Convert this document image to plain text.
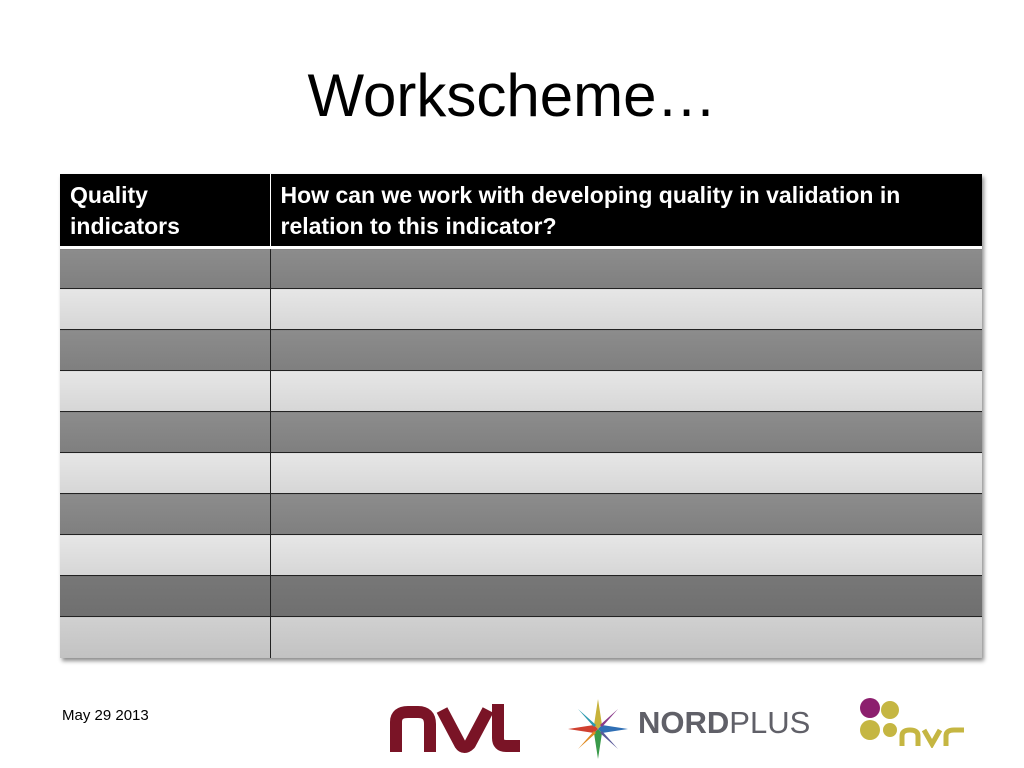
Workscheme…
Quality indicators	How can we work with developing quality in validation in relation to this indicator?

May 29 2013	NORDPLUS
